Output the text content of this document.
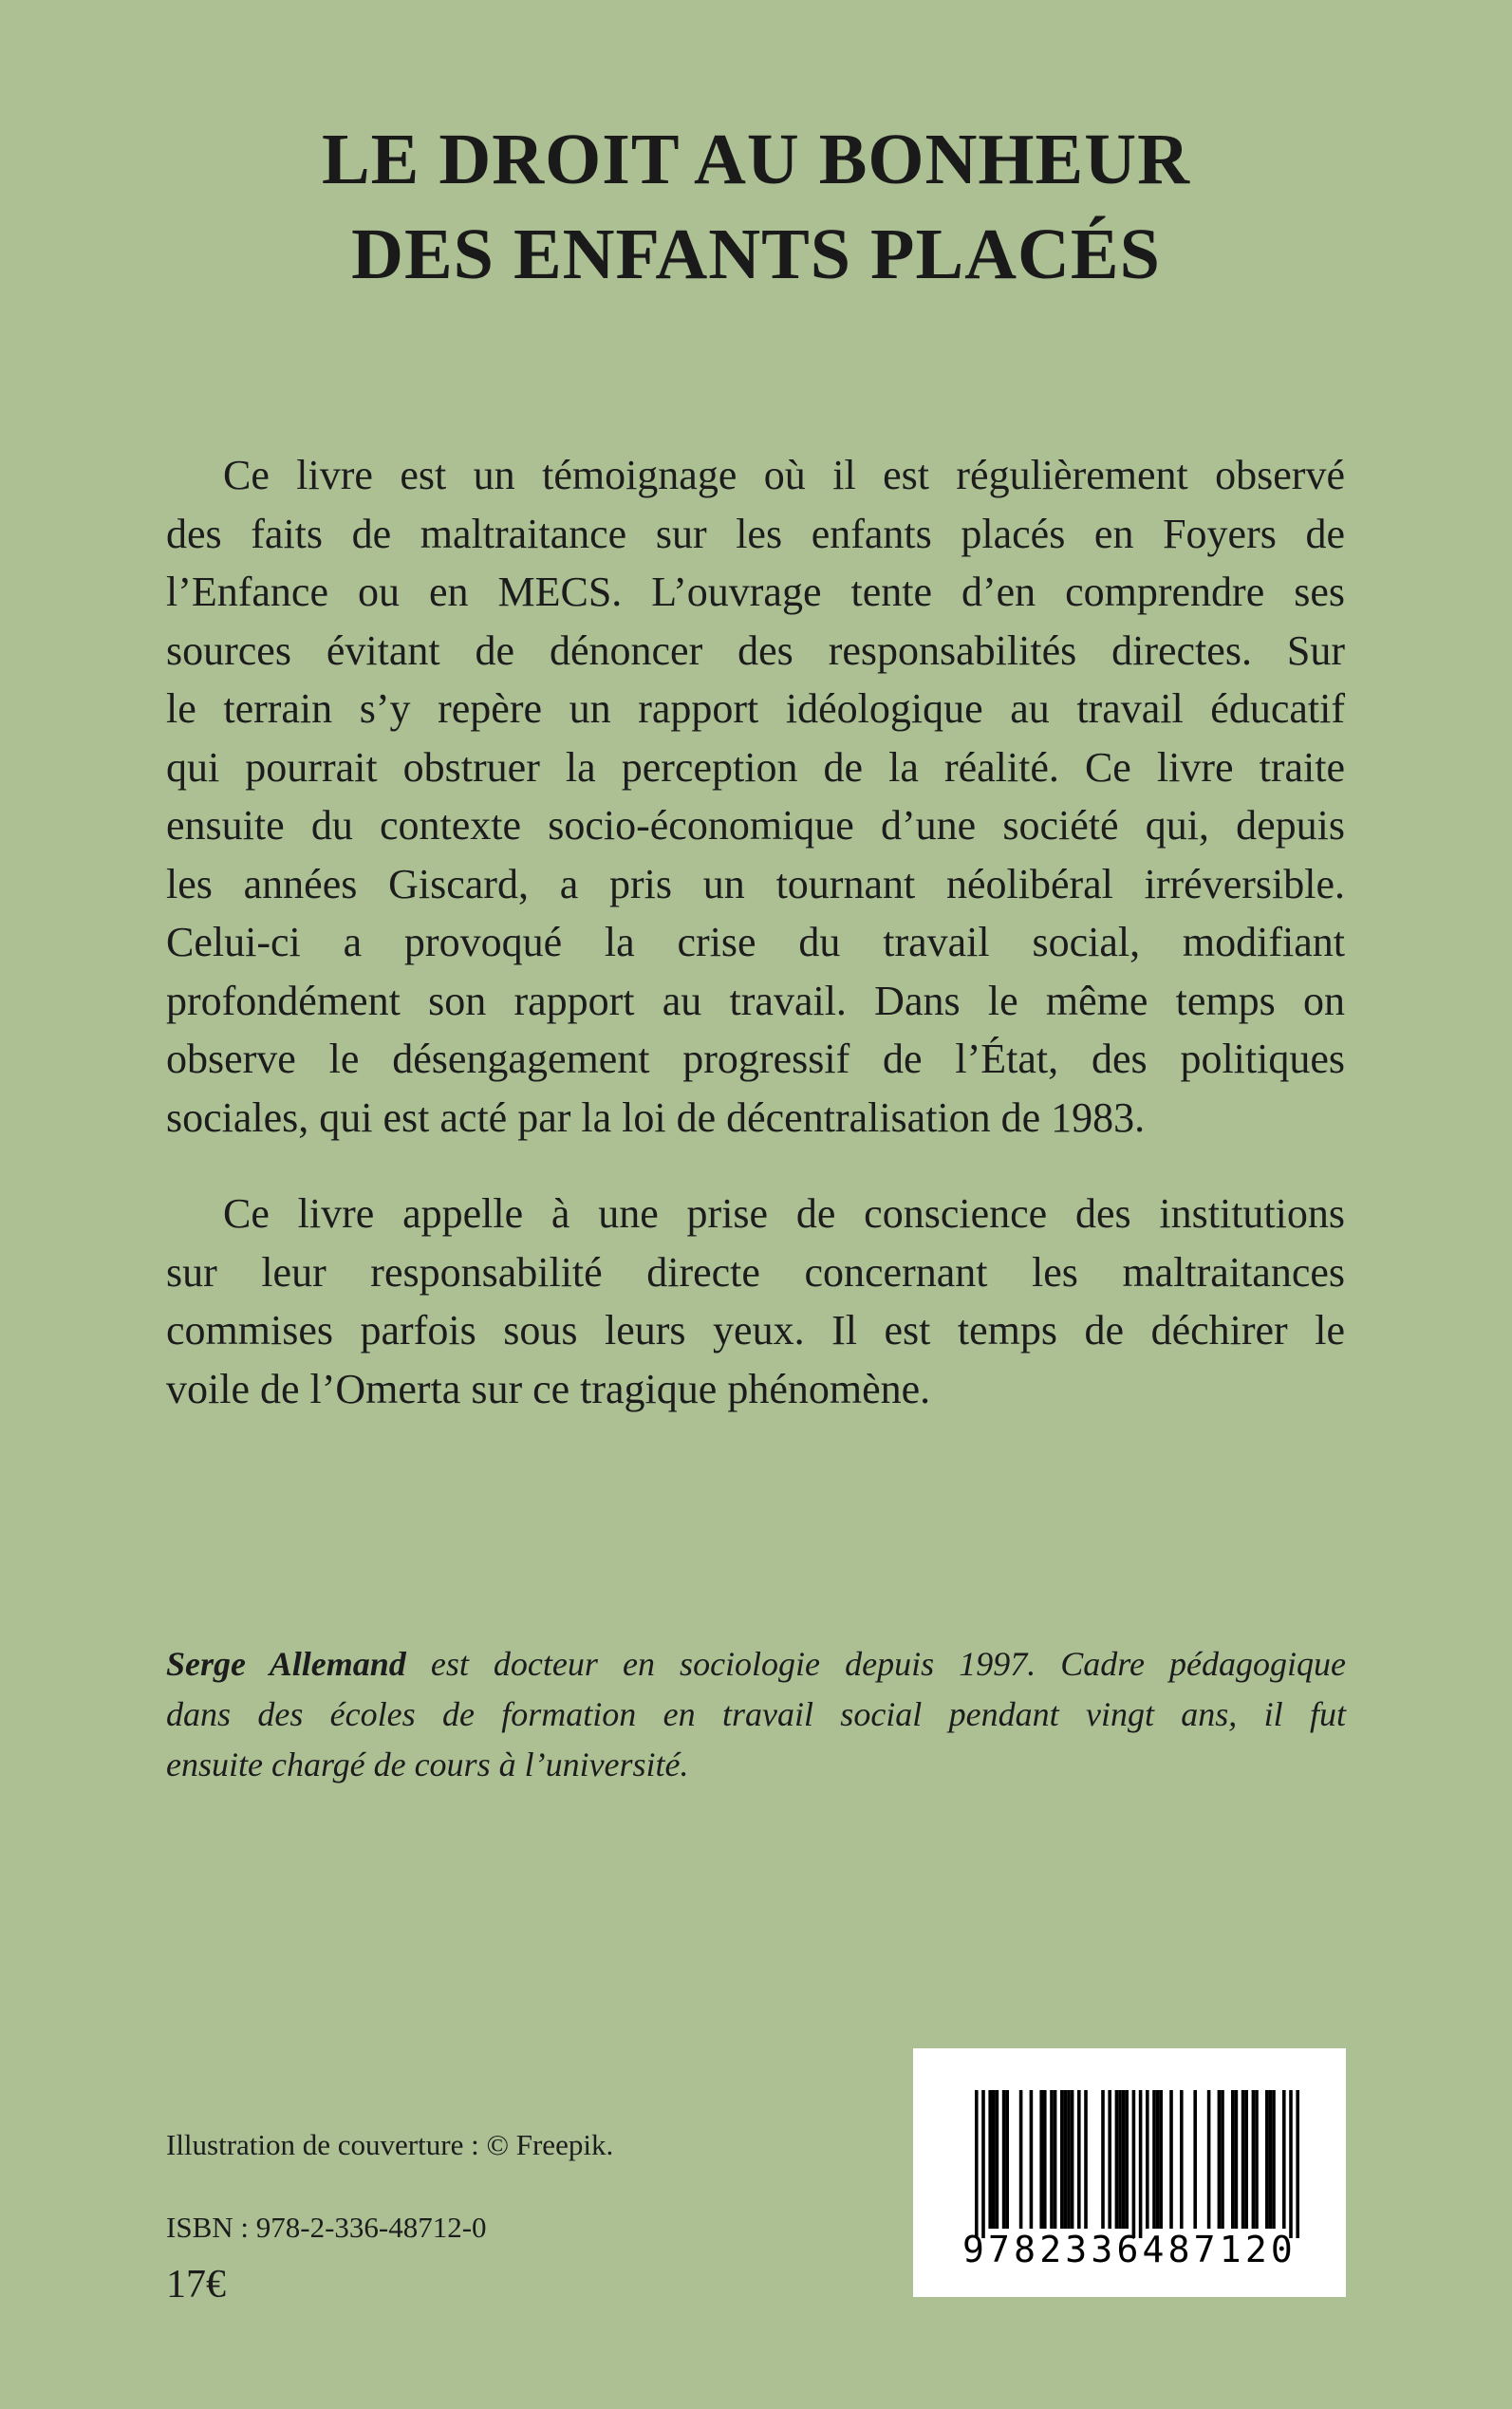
LE DROIT AU BONHEUR
DES ENFANTS PLACÉS
Ce livre est un témoignage où il est régulièrement observé
des faits de maltraitance sur les enfants placés en Foyers de
l’Enfance ou en MECS. L’ouvrage tente d’en comprendre ses
sources évitant de dénoncer des responsabilités directes. Sur
le terrain s’y repère un rapport idéologique au travail éducatif
qui pourrait obstruer la perception de la réalité. Ce livre traite
ensuite du contexte socio-économique d’une société qui, depuis
les années Giscard, a pris un tournant néolibéral irréversible.
Celui-ci a provoqué la crise du travail social, modifiant
profondément son rapport au travail. Dans le même temps on
observe le désengagement progressif de l’État, des politiques
sociales, qui est acté par la loi de décentralisation de 1983.
Ce livre appelle à une prise de conscience des institutions
sur leur responsabilité directe concernant les maltraitances
commises parfois sous leurs yeux. Il est temps de déchirer le
voile de l’Omerta sur ce tragique phénomène.
Serge Allemand est docteur en sociologie depuis 1997. Cadre pédagogique
dans des écoles de formation en travail social pendant vingt ans, il fut
ensuite chargé de cours à l’université.

Illustration de couverture : © Freepik.

ISBN : 978-2-336-48712-0

17€

9782336487120
